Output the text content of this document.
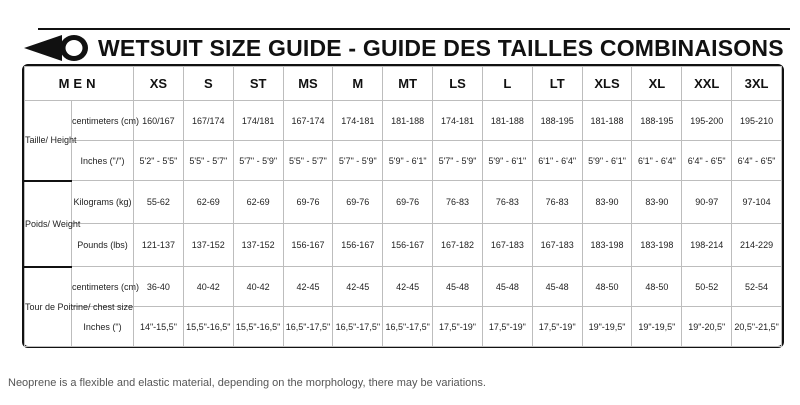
WETSUIT SIZE GUIDE - GUIDE DES TAILLES COMBINAISONS
MEN		XS	S	ST	MS	M	MT	LS	L	LT	XLS	XL	XXL	3XL
Taille/ Height	centimeters (cm)	160/167	167/174	174/181	167-174	174-181	181-188	174-181	181-188	188-195	181-188	188-195	195-200	195-210
	Inches ("/")	5'2" - 5'5"	5'5" - 5'7"	5'7" - 5'9"	5'5" - 5'7"	5'7" - 5'9"	5'9" - 6'1"	5'7" - 5'9"	5'9" - 6'1"	6'1" - 6'4"	5'9" - 6'1"	6'1" - 6'4"	6'4" - 6'5"	6'4" - 6'5"
Poids/ Weight	Kilograms (kg)	55-62	62-69	62-69	69-76	69-76	69-76	76-83	76-83	76-83	83-90	83-90	90-97	97-104
	Pounds (lbs)	121-137	137-152	137-152	156-167	156-167	156-167	167-182	167-183	167-183	183-198	183-198	198-214	214-229
Tour de Poitrine/ chest size	centimeters (cm)	36-40	40-42	40-42	42-45	42-45	42-45	45-48	45-48	45-48	48-50	48-50	50-52	52-54
	Inches (")	14"-15,5"	15,5"-16,5"	15,5"-16,5"	16,5"-17,5"	16,5"-17,5"	16,5"-17,5"	17,5"-19"	17,5"-19"	17,5"-19"	19"-19,5"	19"-19,5"	19"-20,5"	20,5"-21,5"
Neoprene is a flexible and elastic material, depending on the morphology, there may be variations.
